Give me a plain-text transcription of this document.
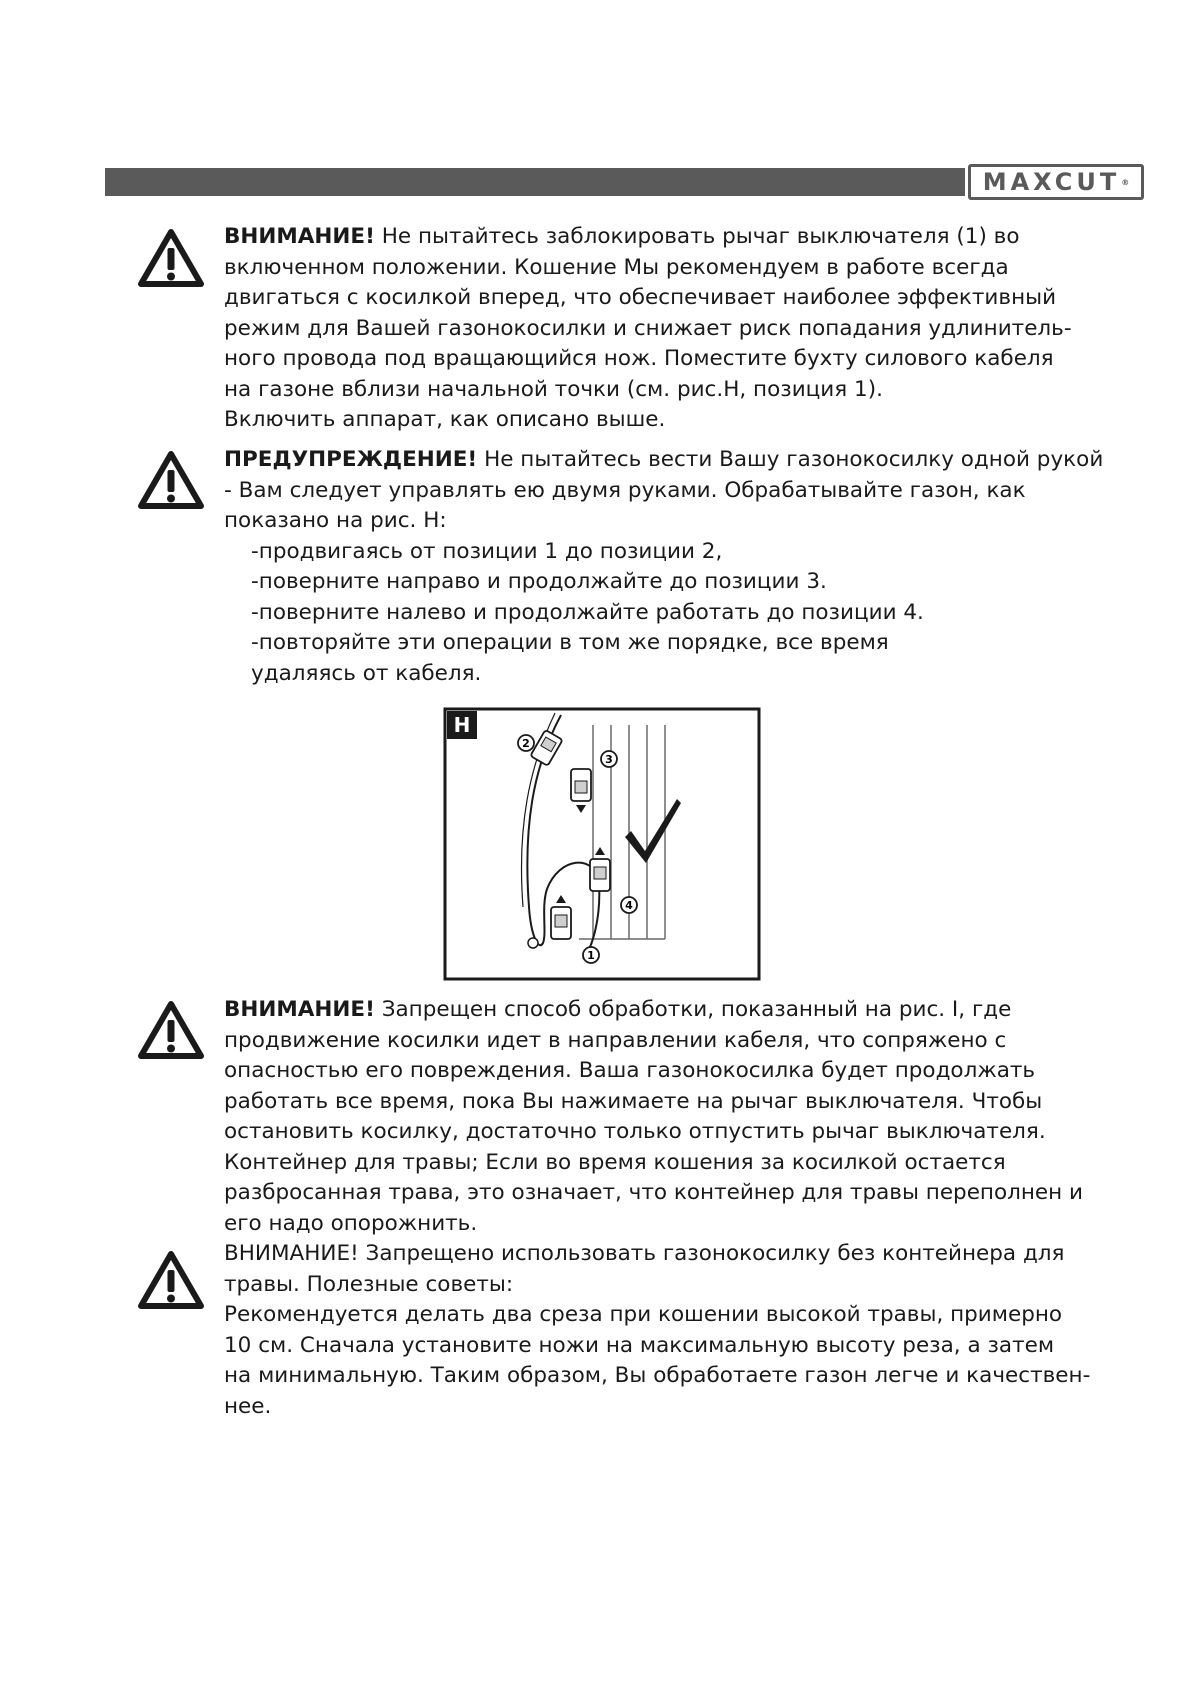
MAXCUT ®
ВНИМАНИЕ! Не пытайтесь заблокировать рычаг выключателя (1) во
включенном положении. Кошение Мы рекомендуем в работе всегда
двигаться с косилкой вперед, что обеспечивает наиболее эффективный
режим для Вашей газонокосилки и снижает риск попадания удлинитель-
ного провода под вращающийся нож. Поместите бухту силового кабеля
на газоне вблизи начальной точки (см. рис.Н, позиция 1).
Включить аппарат, как описано выше.
ПРЕДУПРЕЖДЕНИЕ! Не пытайтесь вести Вашу газонокосилку одной рукой
- Вам следует управлять ею двумя руками. Обрабатывайте газон, как
показано на рис. Н:
-продвигаясь от позиции 1 до позиции 2,
-поверните направо и продолжайте до позиции 3.
-поверните налево и продолжайте работать до позиции 4.
-повторяйте эти операции в том же порядке, все время
удаляясь от кабеля.
H
2
3
4
1
ВНИМАНИЕ! Запрещен способ обработки, показанный на рис. I, где
продвижение косилки идет в направлении кабеля, что сопряжено с
опасностью его повреждения. Ваша газонокосилка будет продолжать
работать все время, пока Вы нажимаете на рычаг выключателя. Чтобы
остановить косилку, достаточно только отпустить рычаг выключателя.
Контейнер для травы; Если во время кошения за косилкой остается
разбросанная трава, это означает, что контейнер для травы переполнен и
его надо опорожнить.
ВНИМАНИЕ! Запрещено использовать газонокосилку без контейнера для
травы. Полезные советы:
Рекомендуется делать два среза при кошении высокой травы, примерно
10 см. Сначала установите ножи на максимальную высоту реза, а затем
на минимальную. Таким образом, Вы обработаете газон легче и качествен-
нее.
